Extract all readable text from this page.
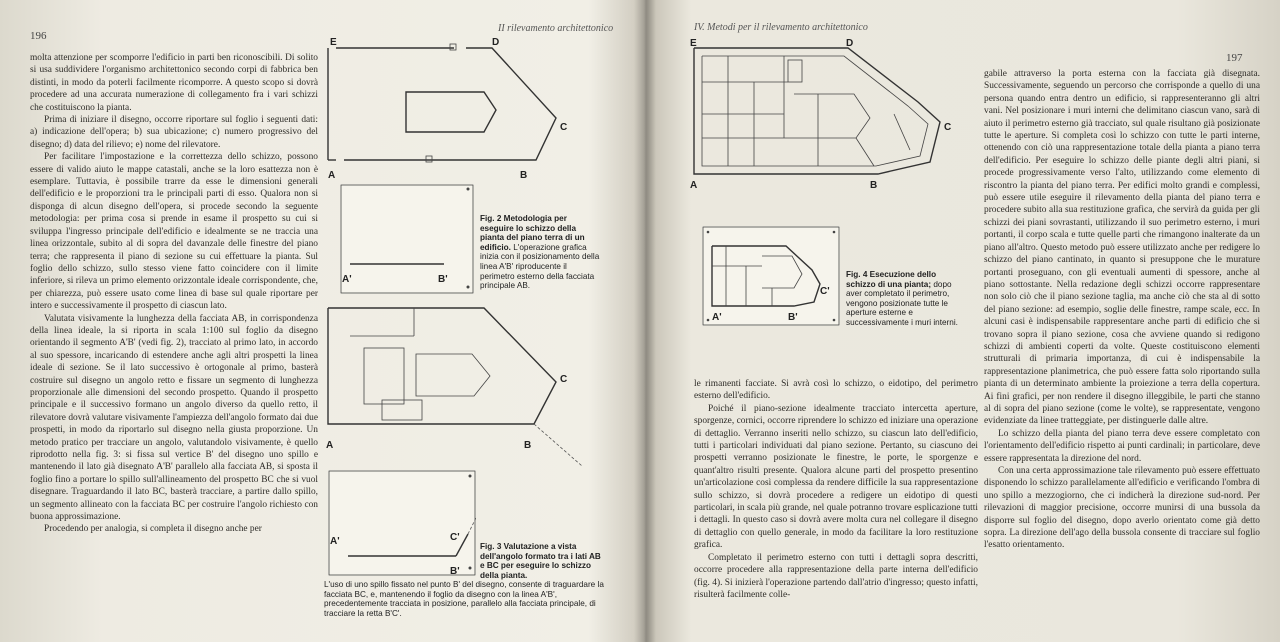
196
II rilevamento architettonico

molta attenzione per scomporre l'edificio in parti ben riconoscibili. Di solito si usa suddividere l'organismo architettonico secondo corpi di fabbrica ben distinti, in modo da poterli facilmente ricomporre. A questo scopo si dovrà procedere ad una accurata numerazione di collegamento fra i vari schizzi che costituiscono la pianta.

Prima di iniziare il disegno, occorre riportare sul foglio i seguenti dati: a) indicazione dell'opera; b) sua ubicazione; c) numero progressivo del disegno; d) data del rilievo; e) nome del rilevatore.

Per facilitare l'impostazione e la correttezza dello schizzo, possono essere di valido aiuto le mappe catastali, anche se la loro esattezza non è esemplare. Tuttavia, è possibile trarre da esse le dimensioni generali dell'edificio e le proporzioni tra le principali parti di esso. Qualora non si disponga di alcun disegno dell'opera, si procede secondo la seguente metodologia: per prima cosa si prende in esame il prospetto su cui si sviluppa l'ingresso principale dell'edificio e idealmente se ne traccia una linea orizzontale, subito al di sopra del davanzale delle finestre del piano terra; che rappresenta il piano di sezione su cui effettuare la pianta. Sul foglio dello schizzo, sullo stesso viene fatto coincidere con il limite inferiore, si rileva un primo elemento orizzontale ideale corrispondente, che, per chiarezza, può essere usato come linea di base sul quale riportare per intero e successivamente il prospetto di ciascun lato.

Valutata visivamente la lunghezza della facciata AB, in corrispondenza della linea ideale, la si riporta in scala 1:100 sul foglio da disegno orientando il segmento A'B' (vedi fig. 2), tracciato al primo lato, in accordo al suo spessore, incaricando di estendere anche agli altri prospetti la linea ideale di sezione. Se il lato successivo è ortogonale al primo, basterà costruire sul disegno un angolo retto e fissare un segmento di lunghezza proporzionale alle dimensioni del secondo prospetto. Quando il prospetto principale e il successivo formano un angolo diverso da quello retto, il rilevatore dovrà valutare visivamente l'ampiezza dell'angolo formato dai due prospetti, in modo da riportarlo sul disegno nella giusta proporzione. Un metodo pratico per tracciare un angolo, valutandolo visivamente, è quello riprodotto nella fig. 3: si fissa sul vertice B' del disegno uno spillo e mantenendo il lato già disegnato A'B' parallelo alla facciata AB, si sposta il foglio fino a portare lo spillo sull'allineamento del prospetto BC che si vuol disegnare. Traguardando il lato BC, basterà tracciare, a partire dallo spillo, un segmento allineato con la facciata BC per costruire l'angolo richiesto con buona approssimazione.

Procedendo per analogia, si completa il disegno anche per

E	D
C
A	B
A'	B'
Fig. 2 Metodologia per eseguire lo schizzo della pianta del piano terra di un edificio. L'operazione grafica inizia con il posizionamento della linea A'B' riproducente il perimetro esterno della facciata principale AB.
C
A	B
A'
B'
C'
Fig. 3 Valutazione a vista dell'angolo formato tra i lati AB e BC per eseguire lo schizzo della pianta.
L'uso di uno spillo fissato nel punto B' del disegno, consente di traguardare la facciata BC, e, mantenendo il foglio da disegno con la linea A'B', precedentemente tracciata in posizione, parallelo alla facciata principale, di tracciare la retta B'C'.
IV. Metodi per il rilevamento architettonico
197
E	D
C
A	B
A'	B'
C'
Fig. 4 Esecuzione dello schizzo di una pianta; dopo aver completato il perimetro, vengono posizionate tutte le aperture esterne e successivamente i muri interni.

le rimanenti facciate. Si avrà così lo schizzo, o eidotipo, del perimetro esterno dell'edificio.

Poiché il piano-sezione idealmente tracciato intercetta aperture, sporgenze, cornici, occorre riprendere lo schizzo ed iniziare una operazione di dettaglio. Verranno inseriti nello schizzo, su ciascun lato dell'edificio, tutti i particolari individuati dal piano sezione. Pertanto, su ciascuno dei prospetti verranno posizionate le finestre, le porte, le sporgenze e quant'altro risulti presente. Qualora alcune parti del prospetto presentino un'articolazione così complessa da rendere difficile la sua rappresentazione sullo schizzo, si dovrà procedere a redigere un eidotipo di questi particolari, in scala più grande, nel quale potranno trovare esplicazione tutti i dettagli. In questo caso si dovrà avere molta cura nel collegare il disegno di dettaglio con quello generale, in modo da facilitare la loro restituzione grafica.

Completato il perimetro esterno con tutti i dettagli sopra descritti, occorre procedere alla rappresentazione della parte interna dell'edificio (fig. 4). Si inizierà l'operazione partendo dall'atrio d'ingresso; questo infatti, risulterà facilmente colle-

gabile attraverso la porta esterna con la facciata già disegnata. Successivamente, seguendo un percorso che corrisponde a quello di una persona quando entra dentro un edificio, si rappresenteranno gli altri vani. Nel posizionare i muri interni che delimitano ciascun vano, sarà di aiuto il perimetro esterno già tracciato, sul quale risultano già posizionate tutte le aperture. Si completa così lo schizzo con tutte le parti interne, ottenendo con ciò una rappresentazione totale della pianta a piano terra dell'edificio. Per eseguire lo schizzo delle piante degli altri piani, si procede progressivamente verso l'alto, utilizzando come elemento di riscontro la pianta del piano terra. Per edifici molto grandi e complessi, può essere utile eseguire il rilevamento della pianta del piano terra e procedere subito alla sua restituzione grafica, che servirà da guida per gli schizzi dei piani sovrastanti, utilizzando il suo perimetro esterno, i muri portanti, il corpo scala e tutte quelle parti che rimangono inalterate da un piano all'altro. Questo metodo può essere utilizzato anche per redigere lo schizzo del piano cantinato, in quanto si presuppone che le murature portanti proseguano, con gli eventuali aumenti di spessore, anche al piano sottostante. Nella redazione degli schizzi occorre rappresentare non solo ciò che il piano sezione taglia, ma anche ciò che sta al di sotto del piano sezione: ad esempio, soglie delle finestre, rampe scale, ecc. In alcuni casi è indispensabile rappresentare anche parti di edificio che si trovano sopra il piano sezione, cosa che avviene quando si redigono schizzi di ambienti coperti da volte. Queste costituiscono elementi strutturali di primaria importanza, di cui è indispensabile la rappresentazione planimetrica, che può essere fatta solo riportando sulla pianta di un determinato ambiente la proiezione a terra della copertura. Ai fini grafici, per non rendere il disegno illeggibile, le parti che stanno al di sopra del piano sezione (come le volte), se rappresentate, vengono evidenziate da linee tratteggiate, per distinguerle dalle altre.

Lo schizzo della pianta del piano terra deve essere completato con l'orientamento dell'edificio rispetto ai punti cardinali; in particolare, deve essere rappresentata la direzione del nord.

Con una certa approssimazione tale rilevamento può essere effettuato disponendo lo schizzo parallelamente all'edificio e verificando l'ombra di uno spillo a mezzogiorno, che ci indicherà la direzione sud-nord. Per rilevazioni di maggior precisione, occorre munirsi di una bussola da disporre sul foglio del disegno, dopo averlo orientato come già detto sopra. La direzione dell'ago della bussola consente di tracciare sul foglio l'esatto orientamento.
